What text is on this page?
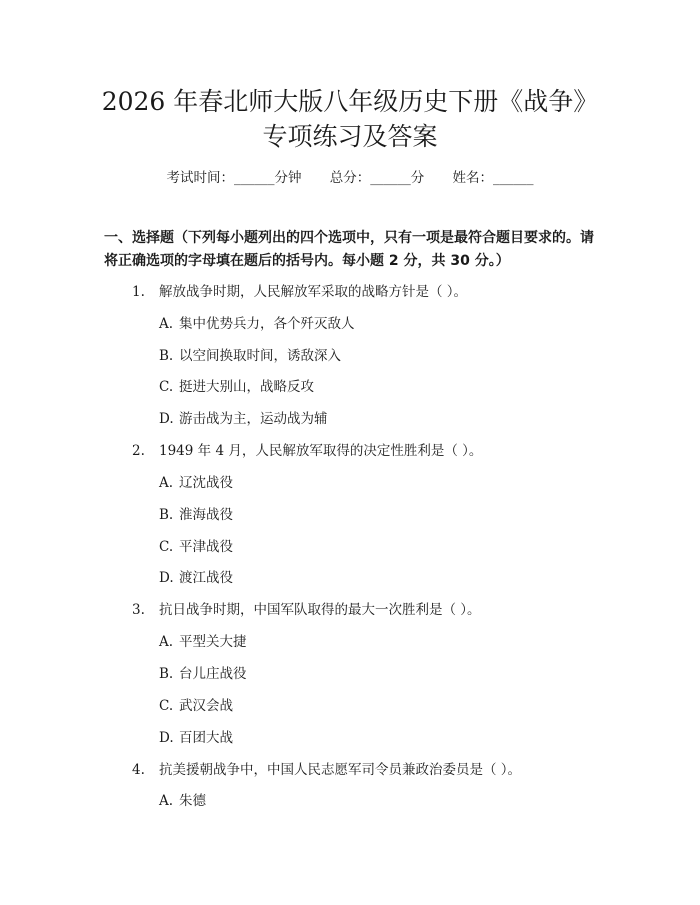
2026 年春北师大版八年级历史下册《战争》
专项练习及答案
考试时间：______分钟 总分：______分 姓名：______

一、选择题（下列每小题列出的四个选项中，只有一项是最符合题目要求的。请将正确选项的字母填在题后的括号内。每小题 2 分，共 30 分。）

1. 解放战争时期，人民解放军采取的战略方针是（ ）。
A. 集中优势兵力，各个歼灭敌人
B. 以空间换取时间，诱敌深入
C. 挺进大别山，战略反攻
D. 游击战为主，运动战为辅
2. 1949 年 4 月，人民解放军取得的决定性胜利是（ ）。
A. 辽沈战役
B. 淮海战役
C. 平津战役
D. 渡江战役
3. 抗日战争时期，中国军队取得的最大一次胜利是（ ）。
A. 平型关大捷
B. 台儿庄战役
C. 武汉会战
D. 百团大战
4. 抗美援朝战争中，中国人民志愿军司令员兼政治委员是（ ）。
A. 朱德
